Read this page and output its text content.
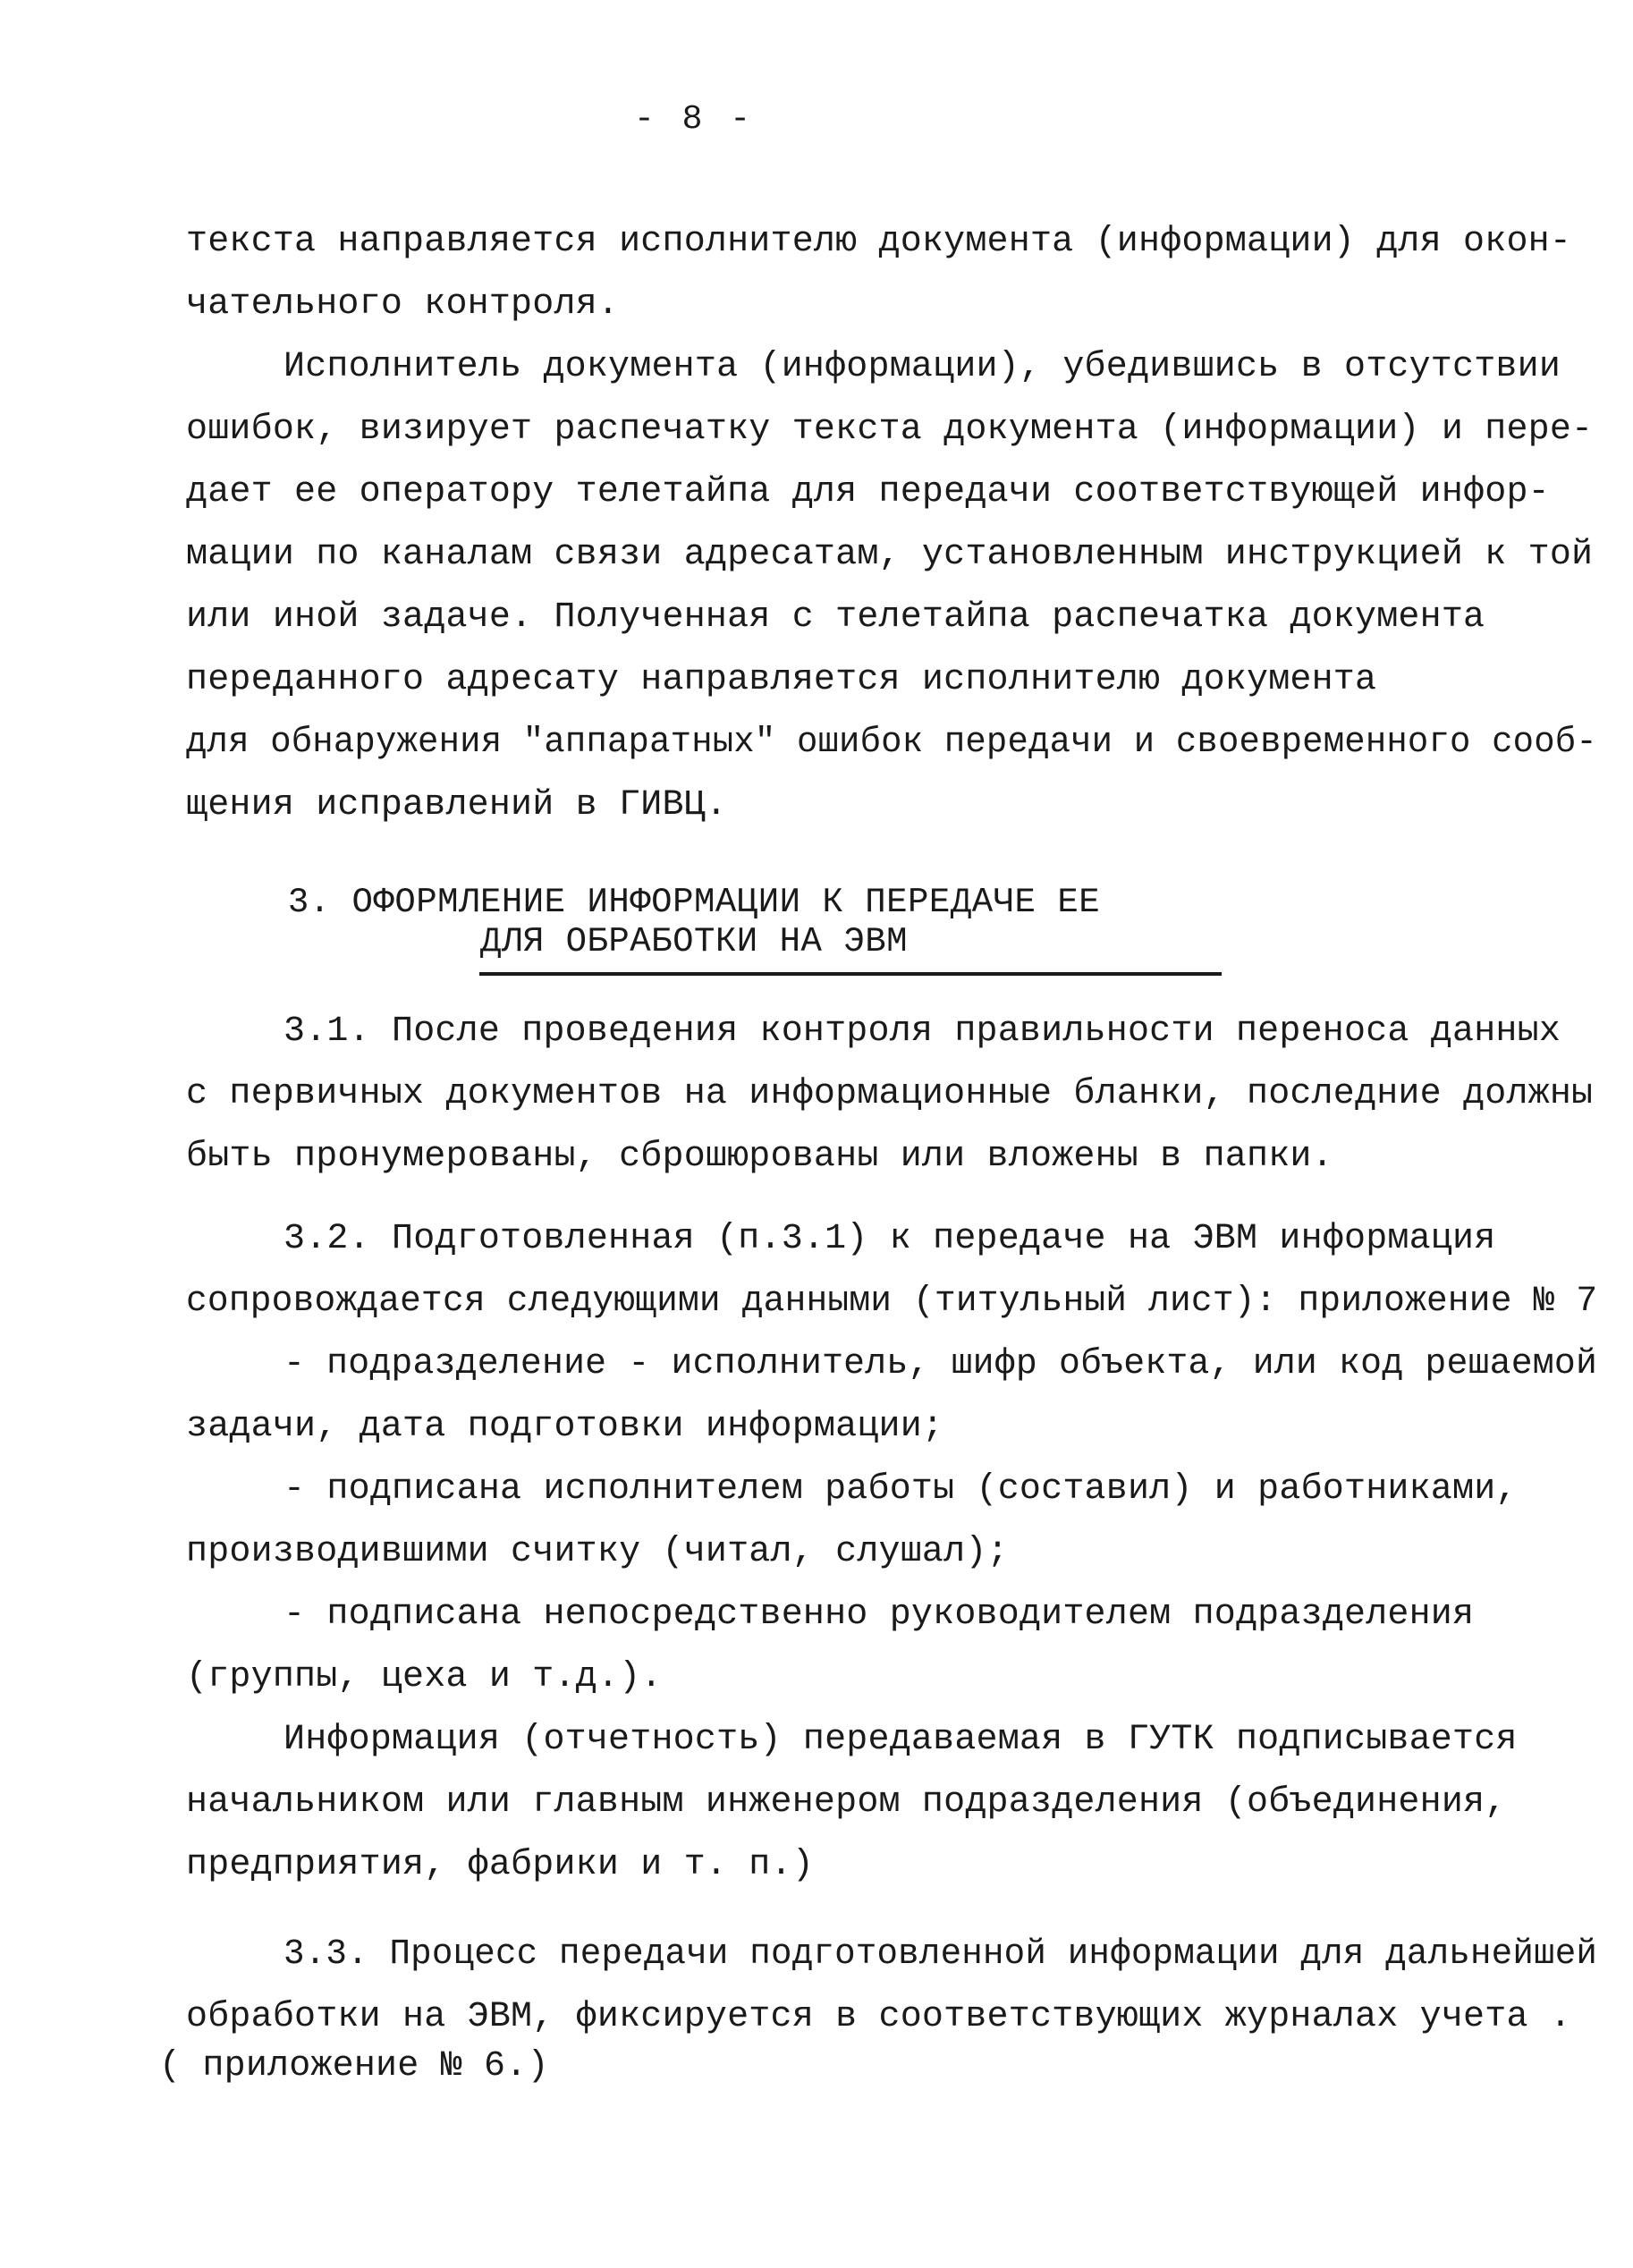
- 8 -
текста направляется исполнителю документа (информации) для окон-
чательного контроля.
Исполнитель документа (информации), убедившись в отсутствии
ошибок, визирует распечатку текста документа (информации) и пере-
дает ее оператору телетайпа для передачи соответствующей инфор-
мации по каналам связи адресатам, установленным инструкцией к той
или иной задаче. Полученная с телетайпа распечатка документа
переданного адресату направляется исполнителю документа
для обнаружения "аппаратных" ошибок передачи и своевременного сооб-
щения исправлений в ГИВЦ.
3. ОФОРМЛЕНИЕ ИНФОРМАЦИИ К ПЕРЕДАЧЕ ЕЕ
ДЛЯ ОБРАБОТКИ НА ЭВМ
3.1. После проведения контроля правильности переноса данных
с первичных документов на информационные бланки, последние должны
быть пронумерованы, сброшюрованы или вложены в папки.
3.2. Подготовленная (п.3.1) к передаче на ЭВМ информация
сопровождается следующими данными (титульный лист): приложение № 7
- подразделение - исполнитель, шифр объекта, или код решаемой
задачи, дата подготовки информации;
- подписана исполнителем работы (составил) и работниками,
производившими считку (читал, слушал);
- подписана непосредственно руководителем подразделения
(группы, цеха и т.д.).
Информация (отчетность) передаваемая в ГУТК подписывается
начальником или главным инженером подразделения (объединения,
предприятия, фабрики и т. п.)
3.3. Процесс передачи подготовленной информации для дальнейшей
обработки на ЭВМ, фиксируется в соответствующих журналах учета .
( приложение № 6.)
